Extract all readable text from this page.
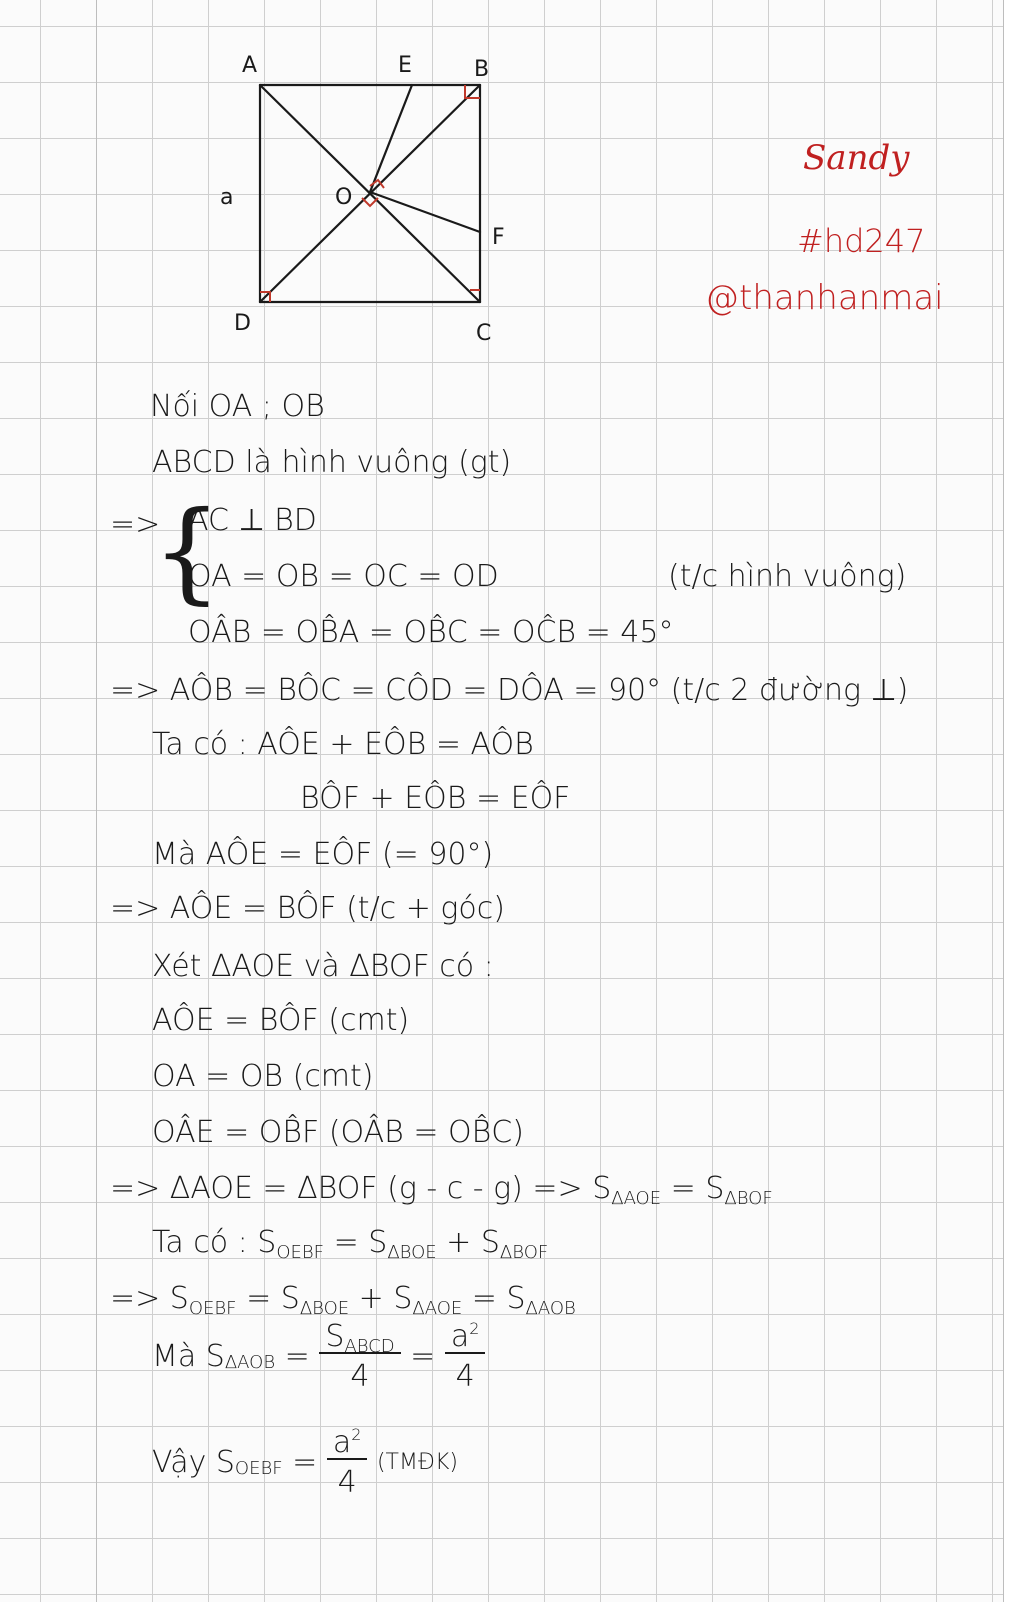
A	E	B
a	O
F
D	C
Sandy
#hd247
@thanhanmai
Nối OA ; OB
ABCD là hình vuông (gt)
=>
{
AC ⊥ BD
OA = OB = OC = OD	(t/c hình vuông)
OÂB = OB̂A = OB̂C = OĈB = 45°
=> AÔB = BÔC = CÔD = DÔA = 90° (t/c 2 đường ⊥)
Ta có : AÔE + EÔB = AÔB
BÔF + EÔB = EÔF
Mà AÔE = EÔF (= 90°)
=> AÔE = BÔF (t/c + góc)
Xét ΔAOE và ΔBOF có :
AÔE = BÔF (cmt)
OA = OB (cmt)
OÂE = OB̂F (OÂB = OB̂C)
=> ΔAOE = ΔBOF $(g - c - g) => S_{\Delta AOE} = S_{\Delta BOF}$
Ta có : $S_{OEBF} = S_{\Delta BOE} + S_{\Delta BOF}$
=> $S_{OEBF} = S_{\Delta BOE} + S_{\Delta AOE} = S_{\Delta AOB}$
Mà $S_{\Delta AOB} = \frac{S_{ABCD}}{4} = \frac{a^2}{4}$
Vậy $S_{OEBF} = \frac{a^2}{4}$ (TMĐK)
